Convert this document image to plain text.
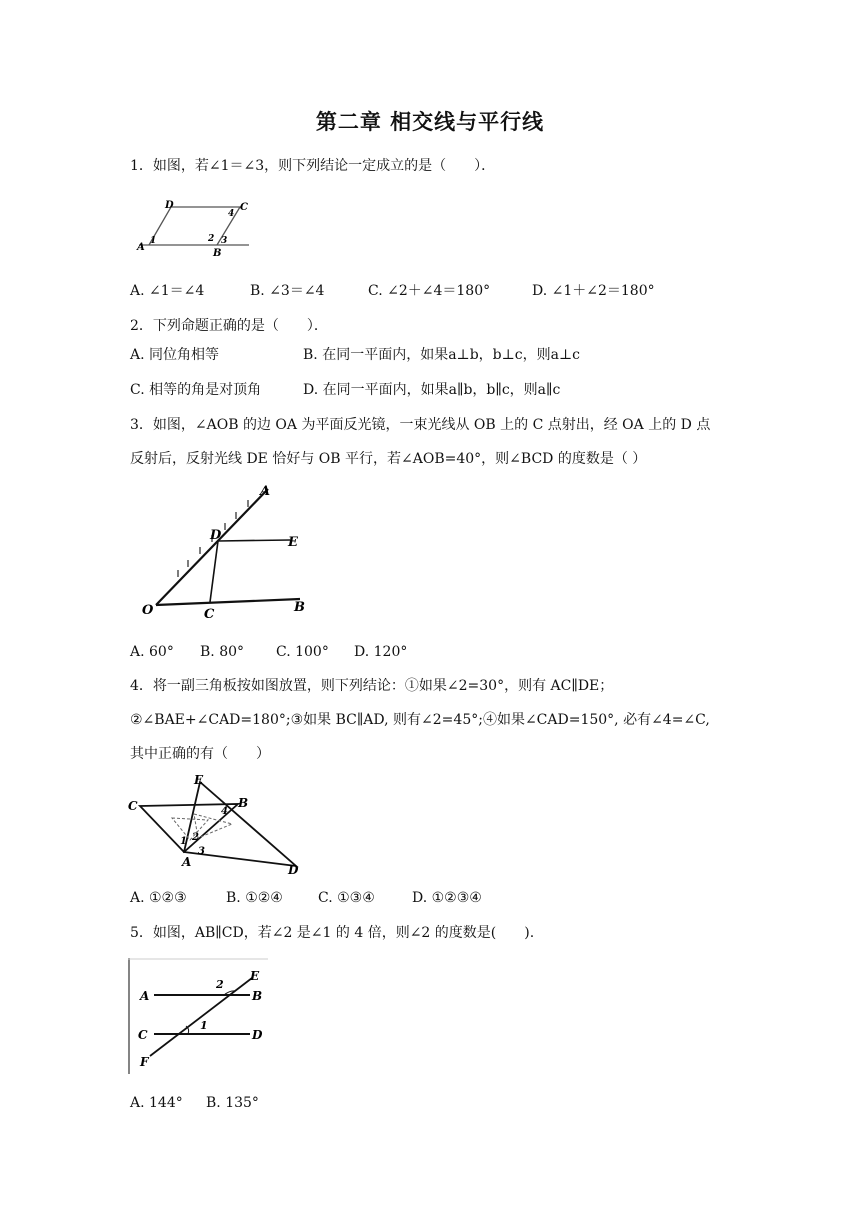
第二章 相交线与平行线
1．如图，若∠1＝∠3，则下列结论一定成立的是（　　）．
D	C
A
B
1	2 3
4
A. ∠1＝∠4	B. ∠3＝∠4	C. ∠2＋∠4＝180°	D. ∠1＋∠2＝180°
2．下列命题正确的是（　　）．
A. 同位角相等	B. 在同一平面内，如果a⊥b，b⊥c，则a⊥c
C. 相等的角是对顶角	D. 在同一平面内，如果a∥b，b∥c，则a∥c
3．如图，∠AOB 的边 OA 为平面反光镜，一束光线从 OB 上的 C 点射出，经 OA 上的 D 点
反射后，反射光线 DE 恰好与 OB 平行，若∠AOB=40°，则∠BCD 的度数是（ ）
A
D	E
O	C	B
A. 60° B. 80° C. 100° D. 120°
4．将一副三角板按如图放置，则下列结论：①如果∠2=30°，则有 AC∥DE；
②∠BAE+∠CAD=180°;③如果 BC∥AD, 则有∠2=45°;④如果∠CAD=150°, 必有∠4=∠C,
其中正确的有（　　）
E
C	B
A
D
1 2
3
4
A. ①②③	B. ①②④	C. ①③④	D. ①②③④
5．如图，AB∥CD，若∠2 是∠1 的 4 倍，则∠2 的度数是(　　).
A	B
C	D
E
F
2
1
A. 144° B. 135°
